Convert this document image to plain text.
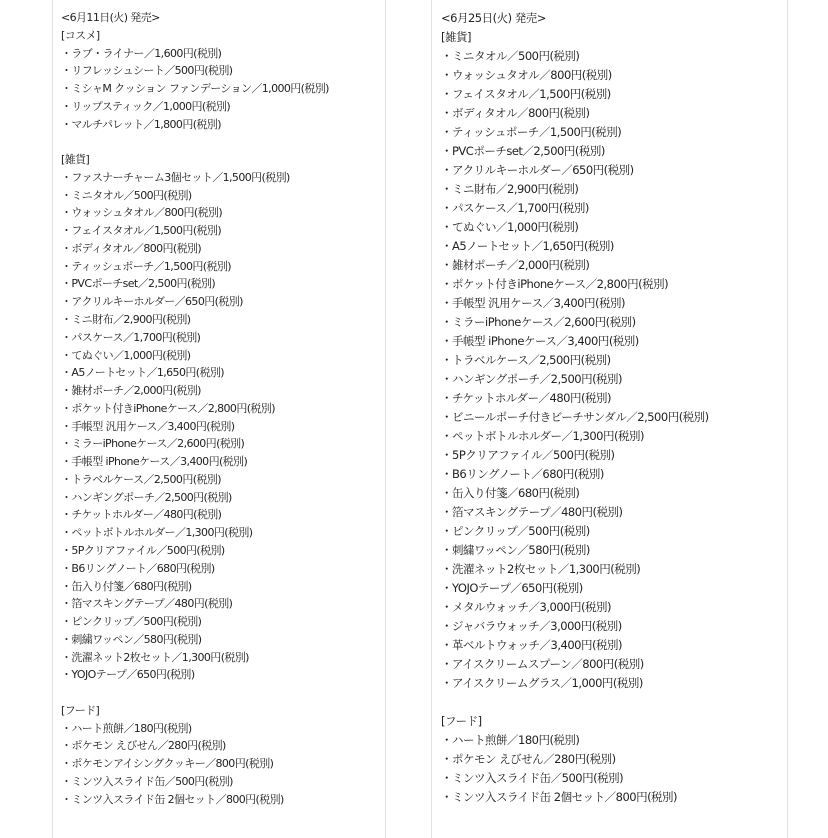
<6月11日(火) 発売>
[コスメ]
・ラブ・ライナー／1,600円(税別)
・リフレッシュシート／500円(税別)
・ミシャM クッション ファンデーション／1,000円(税別)
・リップスティック／1,000円(税別)
・マルチパレット／1,800円(税別)

[雑貨]
・ファスナーチャーム3個セット／1,500円(税別)
・ミニタオル／500円(税別)
・ウォッシュタオル／800円(税別)
・フェイスタオル／1,500円(税別)
・ボディタオル／800円(税別)
・ティッシュポーチ／1,500円(税別)
・PVCポーチset／2,500円(税別)
・アクリルキーホルダー／650円(税別)
・ミニ財布／2,900円(税別)
・パスケース／1,700円(税別)
・てぬぐい／1,000円(税別)
・A5ノートセット／1,650円(税別)
・雑材ポーチ／2,000円(税別)
・ポケット付きiPhoneケース／2,800円(税別)
・手帳型 汎用ケース／3,400円(税別)
・ミラーiPhoneケース／2,600円(税別)
・手帳型 iPhoneケース／3,400円(税別)
・トラベルケース／2,500円(税別)
・ハンギングポーチ／2,500円(税別)
・チケットホルダー／480円(税別)
・ペットボトルホルダー／1,300円(税別)
・5Pクリアファイル／500円(税別)
・B6リングノート／680円(税別)
・缶入り付箋／680円(税別)
・箔マスキングテープ／480円(税別)
・ピンクリップ／500円(税別)
・刺繍ワッペン／580円(税別)
・洗濯ネット2枚セット／1,300円(税別)
・YOJOテープ／650円(税別)

[フード]
・ハート煎餅／180円(税別)
・ポケモン えびせん／280円(税別)
・ポケモンアイシングクッキー／800円(税別)
・ミンツ入スライド缶／500円(税別)
・ミンツ入スライド缶 2個セット／800円(税別)
<6月25日(火) 発売>
[雑貨]
・ミニタオル／500円(税別)
・ウォッシュタオル／800円(税別)
・フェイスタオル／1,500円(税別)
・ボディタオル／800円(税別)
・ティッシュポーチ／1,500円(税別)
・PVCポーチset／2,500円(税別)
・アクリルキーホルダー／650円(税別)
・ミニ財布／2,900円(税別)
・パスケース／1,700円(税別)
・てぬぐい／1,000円(税別)
・A5ノートセット／1,650円(税別)
・雑材ポーチ／2,000円(税別)
・ポケット付きiPhoneケース／2,800円(税別)
・手帳型 汎用ケース／3,400円(税別)
・ミラーiPhoneケース／2,600円(税別)
・手帳型 iPhoneケース／3,400円(税別)
・トラベルケース／2,500円(税別)
・ハンギングポーチ／2,500円(税別)
・チケットホルダー／480円(税別)
・ビニールポーチ付きビーチサンダル／2,500円(税別)
・ペットボトルホルダー／1,300円(税別)
・5Pクリアファイル／500円(税別)
・B6リングノート／680円(税別)
・缶入り付箋／680円(税別)
・箔マスキングテープ／480円(税別)
・ピンクリップ／500円(税別)
・刺繍ワッペン／580円(税別)
・洗濯ネット2枚セット／1,300円(税別)
・YOJOテープ／650円(税別)
・メタルウォッチ／3,000円(税別)
・ジャバラウォッチ／3,000円(税別)
・革ベルトウォッチ／3,400円(税別)
・アイスクリームスプーン／800円(税別)
・アイスクリームグラス／1,000円(税別)

[フード]
・ハート煎餅／180円(税別)
・ポケモン えびせん／280円(税別)
・ミンツ入スライド缶／500円(税別)
・ミンツ入スライド缶 2個セット／800円(税別)
